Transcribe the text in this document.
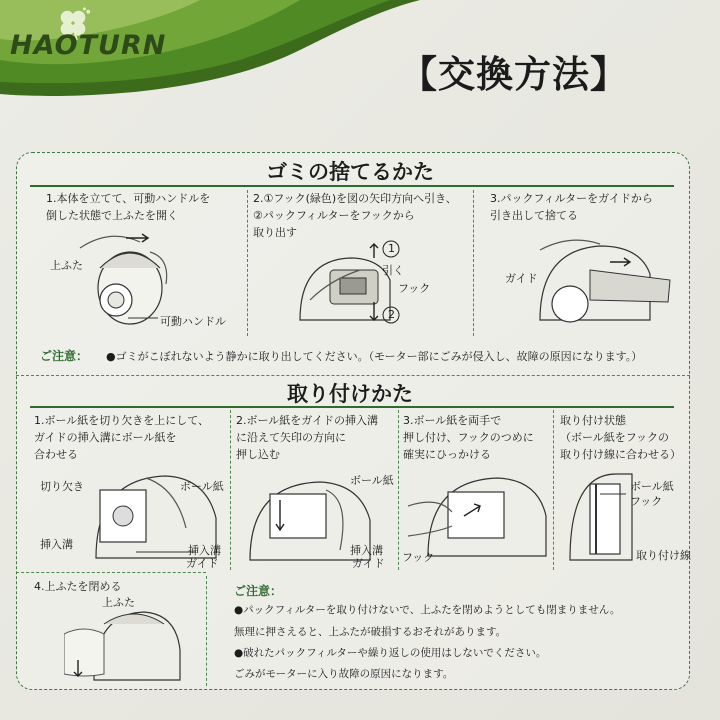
HAOTURN
【交換方法】
ゴミの捨てるかた
1.本体を立てて、可動ハンドルを
倒した状態で上ふたを開く
上ふた
可動ハンドル
2.①フック(緑色)を図の矢印方向へ引き、
②パックフィルターをフックから
取り出す
1
引く
フック
2
3.パックフィルターをガイドから
引き出して捨てる
ガイド
ご注意： ●ゴミがこぼれないよう静かに取り出してください。（モーター部にごみが侵入し、故障の原因になります。）
取り付けかた
1.ボール紙を切り欠きを上にして、
ガイドの挿入溝にボール紙を
合わせる
切り欠き	ボール紙
挿入溝	挿入溝
ガイド
2.ボール紙をガイドの挿入溝
に沿えて矢印の方向に
押し込む
ボール紙
挿入溝
ガイド
3.ボール紙を両手で
押し付け、フックのつめに
確実にひっかける
フック
取り付け状態
（ボール紙をフックの
取り付け線に合わせる）
ボール紙
フック
取り付け線
4.上ふたを閉める
上ふた
ご注意：
●パックフィルターを取り付けないで、上ふたを閉めようとしても閉まりません。
無理に押さえると、上ふたが破損するおそれがあります。
●破れたパックフィルターや繰り返しの使用はしないでください。
ごみがモーターに入り故障の原因になります。
